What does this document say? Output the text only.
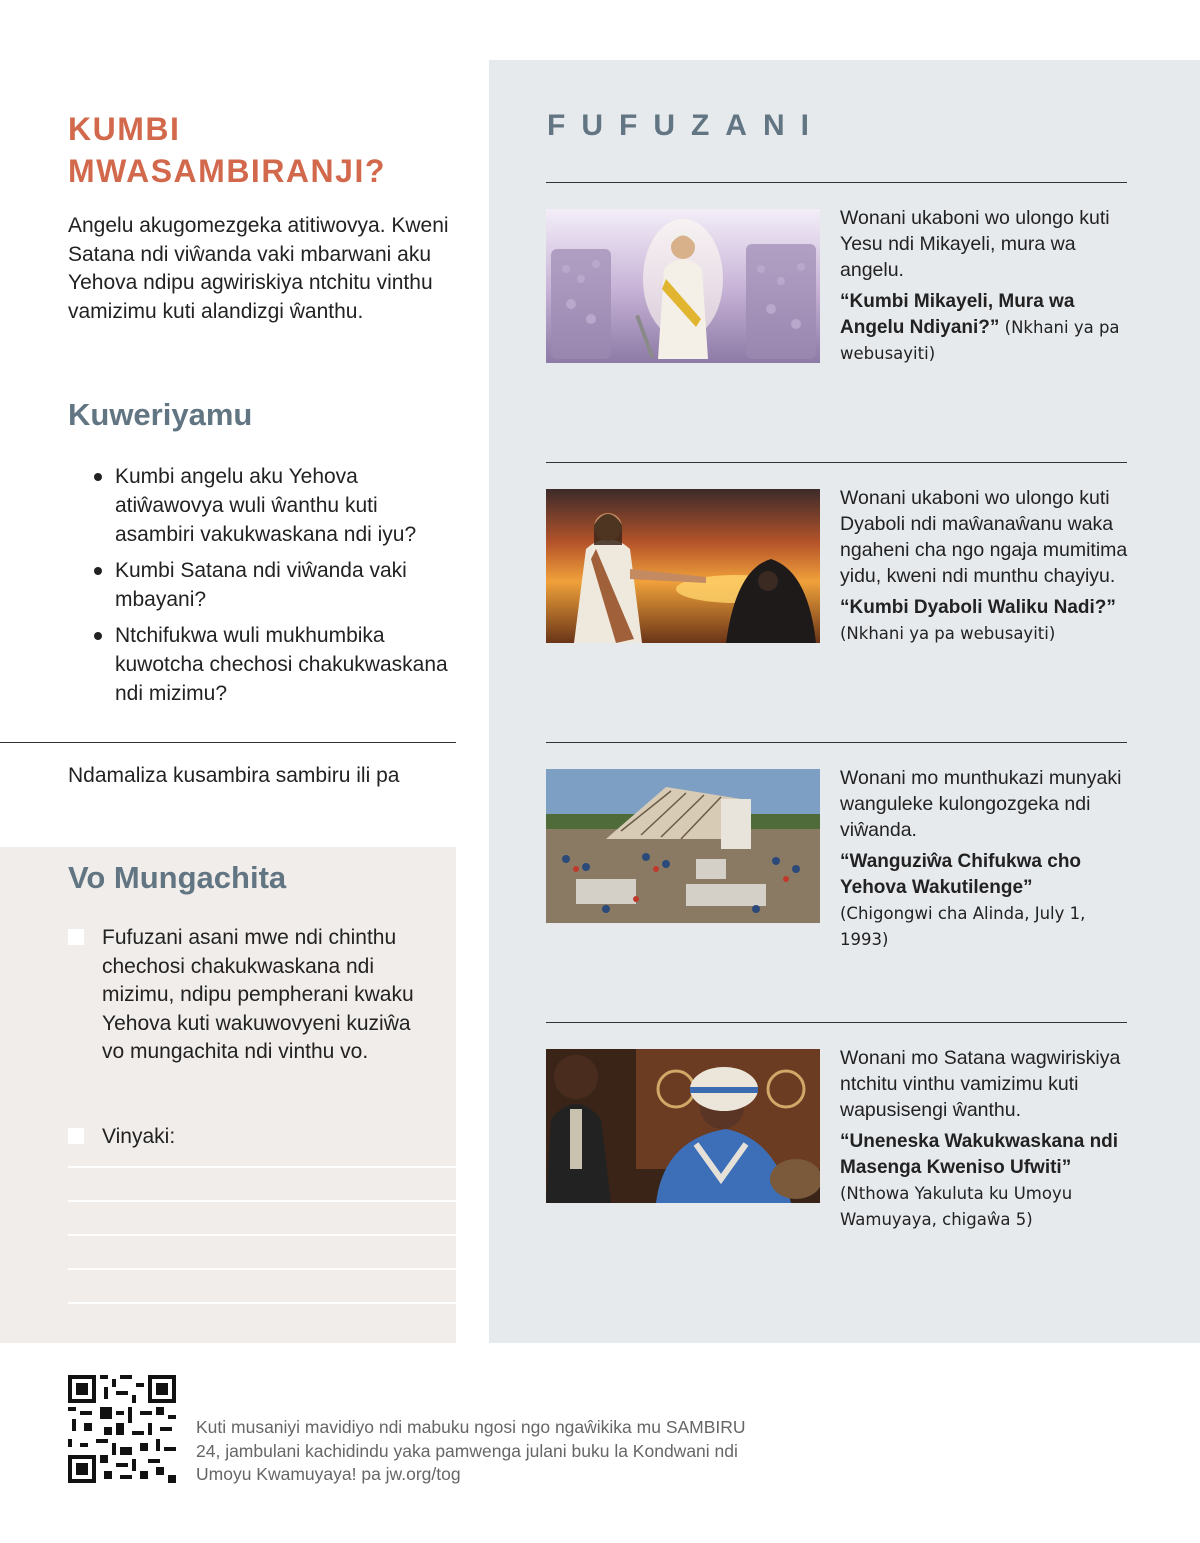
KUMBI MWASAMBIRANJI?

Angelu akugomezgeka atitiwovya. Kweni Satana ndi viŵanda vaki mbarwani aku Yehova ndipu agwiriskiya ntchitu vinthu vamizimu kuti alandizgi ŵanthu.

Kuweriyamu
Kumbi angelu aku Yehova atiŵawovya wuli ŵanthu kuti asambiri vakukwaskana ndi iyu?
Kumbi Satana ndi viŵanda vaki mbayani?
Ntchifukwa wuli mukhumbika kuwotcha chechosi chakukwaskana ndi mizimu?

Ndamaliza kusambira sambiru ili pa

Vo Mungachita
Fufuzani asani mwe ndi chinthu chechosi chakukwaskana ndi mizimu, ndipu pempherani kwaku Yehova kuti wakuwovyeni kuziŵa vo mungachita ndi vinthu vo.
Vinyaki:
FUFUZANI

Wonani ukaboni wo ulongo kuti Yesu ndi Mikayeli, mura wa angelu.

“Kumbi Mikayeli, Mura wa Angelu Ndiyani?” (Nkhani ya pa webusayiti)

Wonani ukaboni wo ulongo kuti Dyaboli ndi maŵanaŵanu waka ngaheni cha ngo ngaja mumitima yidu, kweni ndi munthu chayiyu.

“Kumbi Dyaboli Waliku Nadi?” (Nkhani ya pa webusayiti)

Wonani mo munthukazi munyaki wanguleke kulongozgeka ndi viŵanda.

“Wanguziŵa Chifukwa cho Yehova Wakutilenge” (Chigongwi cha Alinda, July 1, 1993)

Wonani mo Satana wagwiriskiya ntchitu vinthu vamizimu kuti wapusisengi ŵanthu.

“Uneneska Wakukwaskana ndi Masenga Kweniso Ufwiti” (Nthowa Yakuluta ku Umoyu Wamuyaya, chigaŵa 5)

Kuti musaniyi mavidiyo ndi mabuku ngosi ngo ngaŵikika mu SAMBIRU 24, jambulani kachidindu yaka pamwenga julani buku la Kondwani ndi Umoyu Kwamuyaya! pa jw.org/tog
